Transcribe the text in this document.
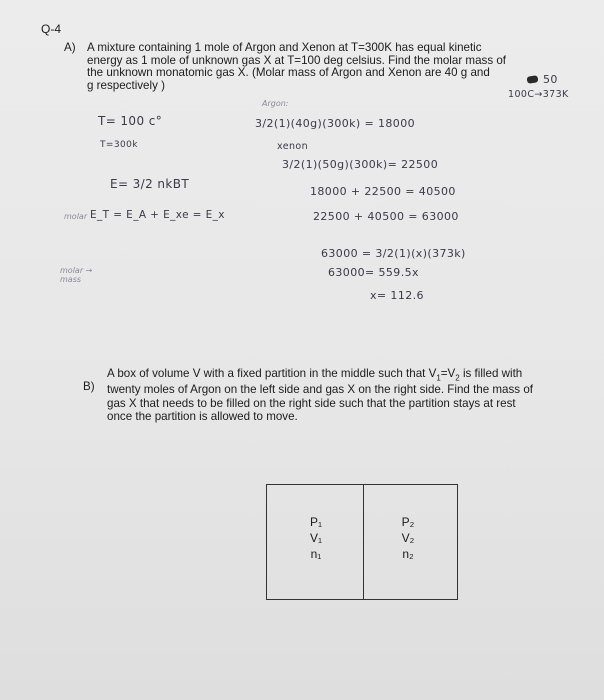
Q-4
A) A mixture containing 1 mole of Argon and Xenon at T=300K has equal kinetic
energy as 1 mole of unknown gas X at T=100 deg celsius. Find the molar mass of
the unknown monatomic gas X. (Molar mass of Argon and Xenon are 40 g and
g respectively )	50
100C→373K
Argon:
T= 100 c°	3/2(1)(40g)(300k) = 18000
T=300k	xenon
3/2(1)(50g)(300k)= 22500
E= 3/2 nkBT
18000 + 22500 = 40500
molar E_T = E_A + E_xe = E_x	22500 + 40500 = 63000
63000 = 3/2(1)(x)(373k)
molar → mass
63000= 559.5x
x= 112.6
B)
A box of volume V with a fixed partition in the middle such that $V_1=V_2$ is filled with
twenty moles of Argon on the left side and gas X on the right side. Find the mass of
gas X that needs to be filled on the right side such that the partition stays at rest
once the partition is allowed to move.
P₁
V₁
n₁
P₂
V₂
n₂
